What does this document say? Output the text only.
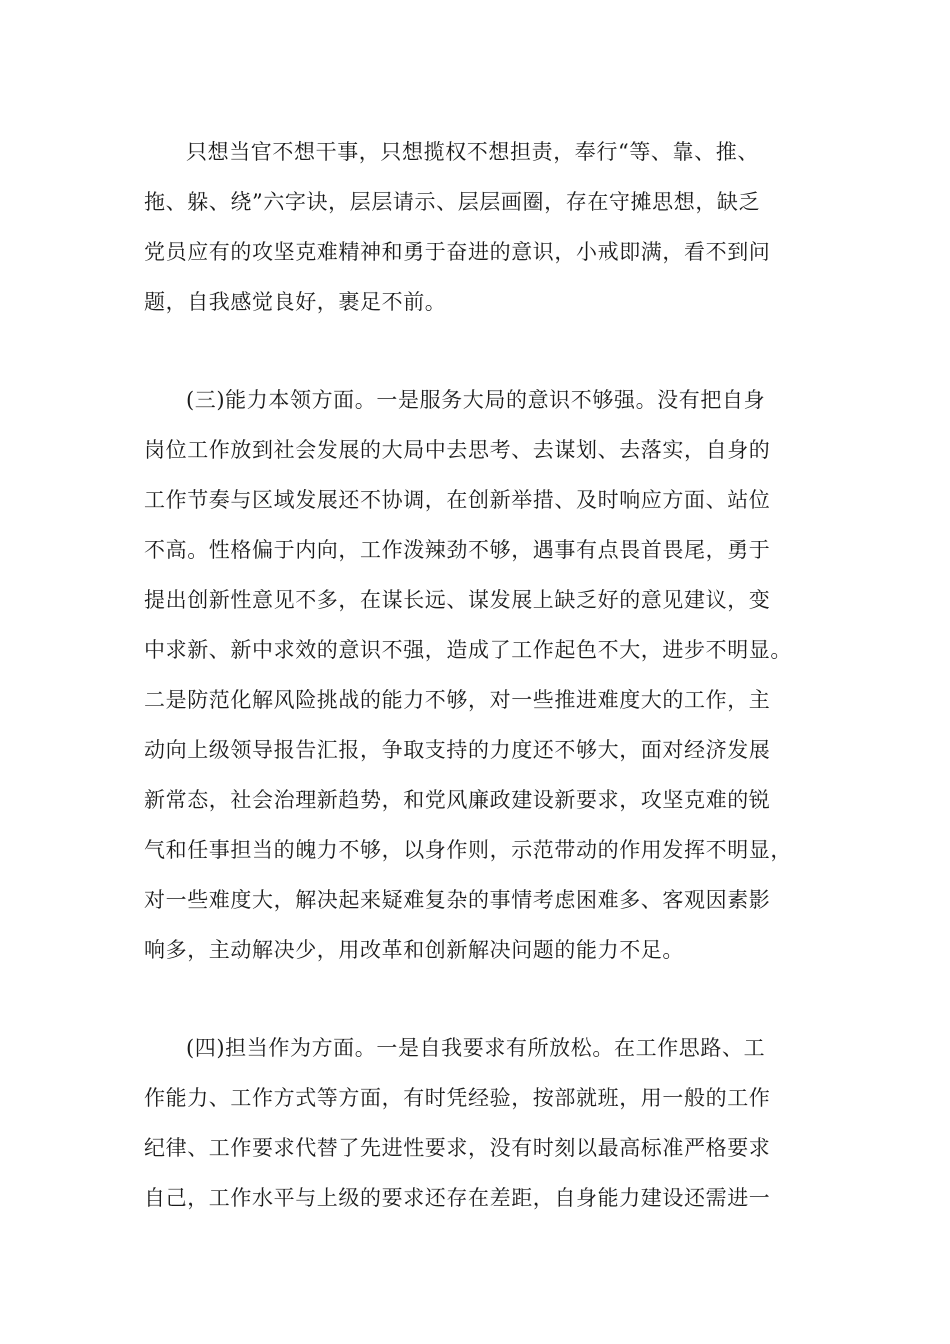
只想当官不想干事，只想揽权不想担责，奉行“等、靠、推、
拖、躲、绕”六字诀，层层请示、层层画圈，存在守摊思想，缺乏
党员应有的攻坚克难精神和勇于奋进的意识，小戒即满，看不到问
题，自我感觉良好，裹足不前。
(三)能力本领方面。一是服务大局的意识不够强。没有把自身
岗位工作放到社会发展的大局中去思考、去谋划、去落实，自身的
工作节奏与区域发展还不协调，在创新举措、及时响应方面、站位
不高。性格偏于内向，工作泼辣劲不够，遇事有点畏首畏尾，勇于
提出创新性意见不多，在谋长远、谋发展上缺乏好的意见建议，变
中求新、新中求效的意识不强，造成了工作起色不大，进步不明显。
二是防范化解风险挑战的能力不够，对一些推进难度大的工作，主
动向上级领导报告汇报，争取支持的力度还不够大，面对经济发展
新常态，社会治理新趋势，和党风廉政建设新要求，攻坚克难的锐
气和任事担当的魄力不够，以身作则，示范带动的作用发挥不明显，
对一些难度大，解决起来疑难复杂的事情考虑困难多、客观因素影
响多，主动解决少，用改革和创新解决问题的能力不足。
(四)担当作为方面。一是自我要求有所放松。在工作思路、工
作能力、工作方式等方面，有时凭经验，按部就班，用一般的工作
纪律、工作要求代替了先进性要求，没有时刻以最高标准严格要求
自己，工作水平与上级的要求还存在差距，自身能力建设还需进一
